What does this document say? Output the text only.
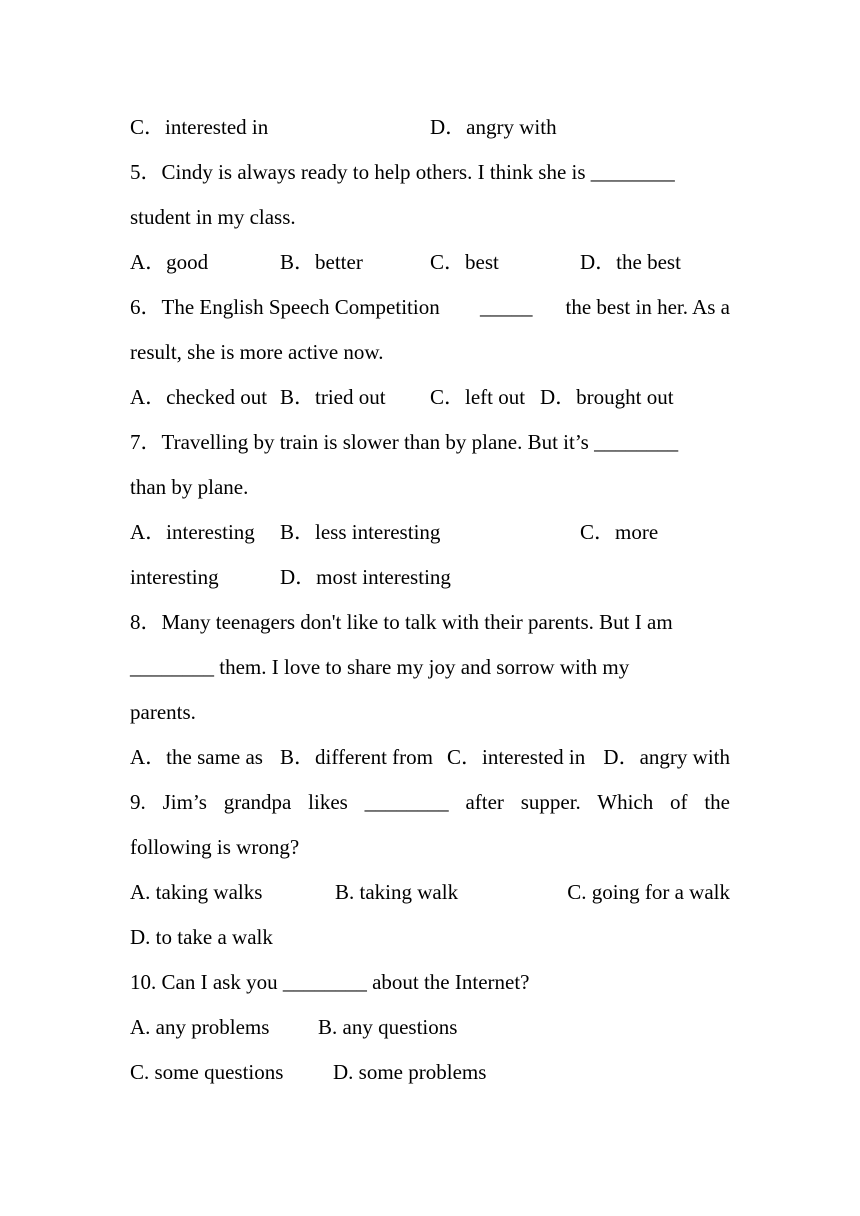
C．interested in	D．angry with
5．Cindy is always ready to help others. I think she is ________
student in my class.
A．good	B．better	C．best	D．the best
6．The English Speech Competition _____ the best in her. As a
result, she is more active now.
A．checked out B．tried out C．left out D．brought out
7．Travelling by train is slower than by plane. But it’s ________
than by plane.
A．interesting B．less interesting	C．more
interesting	D．most interesting
8．Many teenagers don't like to talk with their parents. But I am
________ them. I love to share my joy and sorrow with my
parents.
A．the same as B．different from C．interested in D．angry with
9. Jim’s grandpa likes ________ after supper. Which of the
following is wrong?
A. taking walks	B. taking walk	C. going for a walk
D. to take a walk
10. Can I ask you ________ about the Internet?
A. any problems B. any questions
C. some questions D. some problems
